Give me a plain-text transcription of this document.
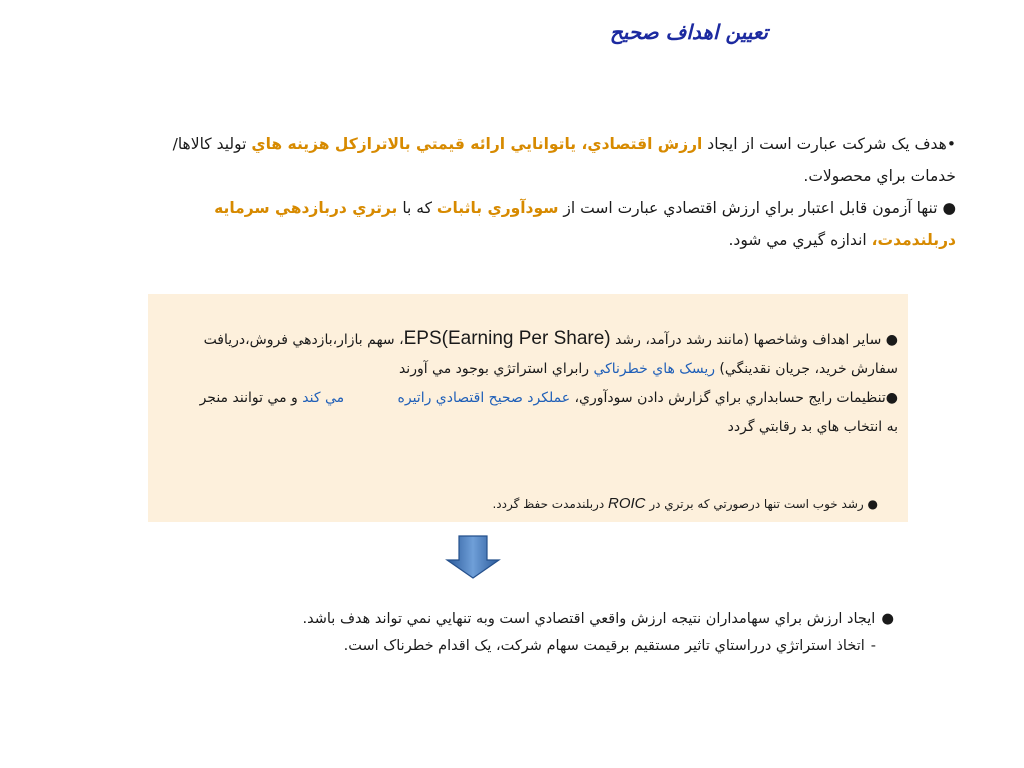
تعيين اهداف صحيح
•هدف يک شرکت عبارت است از ايجاد ارزش اقتصادي، ياتوانايي ارائه قيمتي بالاترازکل هزينه هاي توليد کالاها/خدمات براي محصولات.
● تنها آزمون قابل اعتبار براي ارزش اقتصادي عبارت است از سودآوري باثبات که با برتري دربازدهي سرمايه دربلندمدت، اندازه گيري مي شود.
● ساير اهداف وشاخصها (مانند رشد درآمد، رشد EPS(Earning Per Share)، سهم بازار،بازدهي فروش،دريافت سفارش خريد، جريان نقدينگي) ريسک هاي خطرناکي رابراي استراتژي بوجود مي آورند
●تنظيمات رايج حسابداري براي گزارش دادن سودآوري، عملکرد صحيح اقتصادي راتيره            مي کند و مي توانند منجر به انتخاب هاي بد رقابتي گردد
● رشد خوب است تنها درصورتي که برتري در ROIC دربلندمدت حفظ گردد.
●ايجاد ارزش براي سهامداران نتيجه ارزش واقعي اقتصادي است وبه تنهايي نمي تواند هدف باشد.
-اتخاذ استراتژي درراستاي تاثير مستقيم برقيمت سهام شرکت، يک اقدام خطرناک است.
